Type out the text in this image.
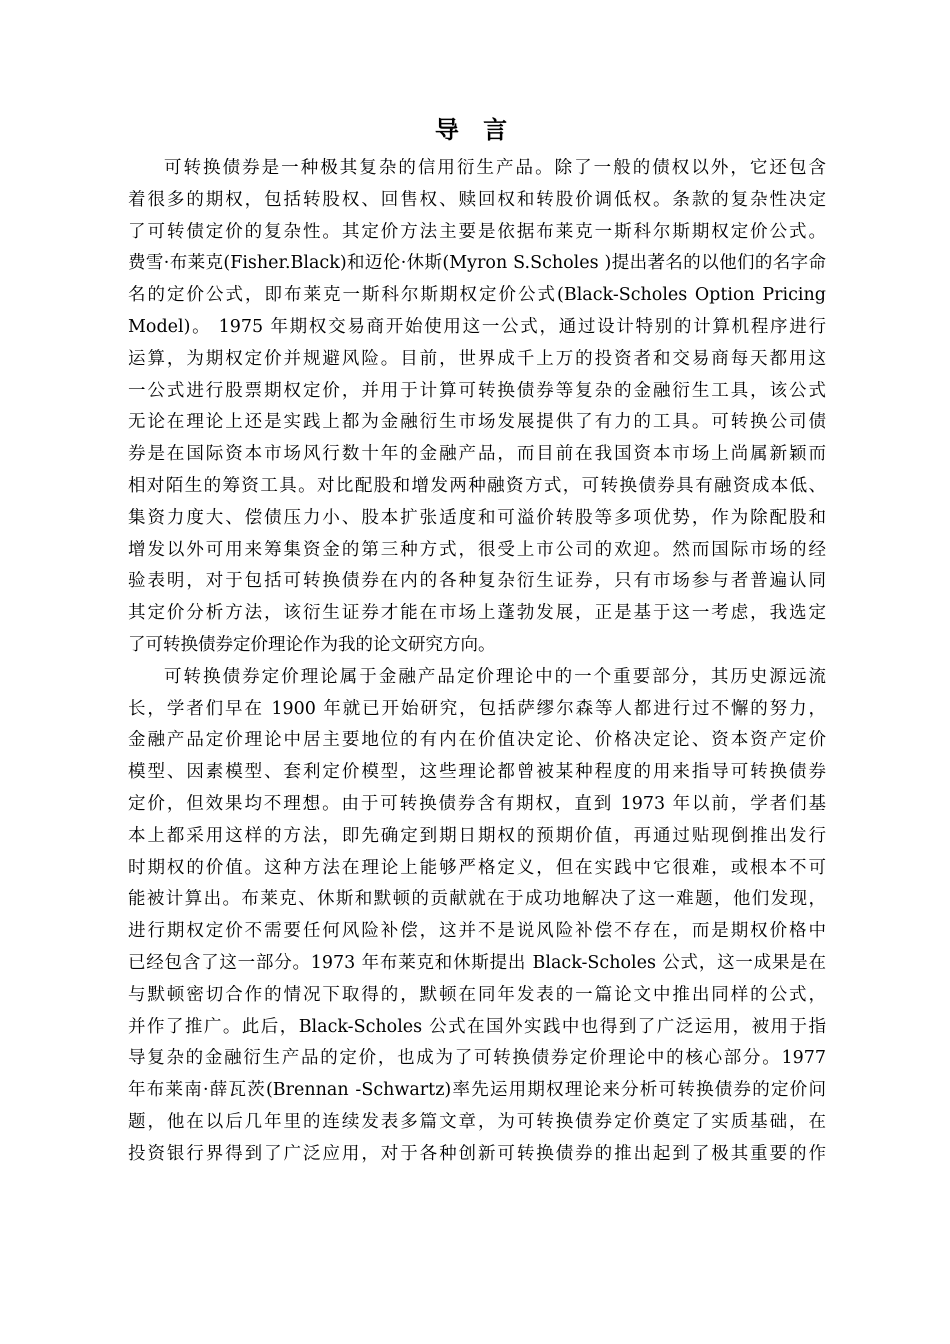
导 言
可转换债券是一种极其复杂的信用衍生产品。除了一般的债权以外，它还包含
着很多的期权，包括转股权、回售权、赎回权和转股价调低权。条款的复杂性决定
了可转债定价的复杂性。其定价方法主要是依据布莱克一斯科尔斯期权定价公式。
费雪·布莱克(Fisher.Black)和迈伦·休斯(Myron S.Scholes )提出著名的以他们的名字命
名的定价公式，即布莱克一斯科尔斯期权定价公式(Black-Scholes Option Pricing
Model)。 1975 年期权交易商开始使用这一公式，通过设计特别的计算机程序进行
运算，为期权定价并规避风险。目前，世界成千上万的投资者和交易商每天都用这
一公式进行股票期权定价，并用于计算可转换债券等复杂的金融衍生工具，该公式
无论在理论上还是实践上都为金融衍生市场发展提供了有力的工具。可转换公司债
券是在国际资本市场风行数十年的金融产品，而目前在我国资本市场上尚属新颖而
相对陌生的筹资工具。对比配股和增发两种融资方式，可转换债券具有融资成本低、
集资力度大、偿债压力小、股本扩张适度和可溢价转股等多项优势，作为除配股和
增发以外可用来筹集资金的第三种方式，很受上市公司的欢迎。然而国际市场的经
验表明，对于包括可转换债券在内的各种复杂衍生证券，只有市场参与者普遍认同
其定价分析方法，该衍生证券才能在市场上蓬勃发展，正是基于这一考虑，我选定
了可转换债券定价理论作为我的论文研究方向。
可转换债券定价理论属于金融产品定价理论中的一个重要部分，其历史源远流
长，学者们早在 1900 年就已开始研究，包括萨缪尔森等人都进行过不懈的努力，
金融产品定价理论中居主要地位的有内在价值决定论、价格决定论、资本资产定价
模型、因素模型、套利定价模型，这些理论都曾被某种程度的用来指导可转换债券
定价，但效果均不理想。由于可转换债券含有期权，直到 1973 年以前，学者们基
本上都采用这样的方法，即先确定到期日期权的预期价值，再通过贴现倒推出发行
时期权的价值。这种方法在理论上能够严格定义，但在实践中它很难，或根本不可
能被计算出。布莱克、休斯和默顿的贡献就在于成功地解决了这一难题，他们发现，
进行期权定价不需要任何风险补偿，这并不是说风险补偿不存在，而是期权价格中
已经包含了这一部分。1973 年布莱克和休斯提出 Black-Scholes 公式，这一成果是在
与默顿密切合作的情况下取得的，默顿在同年发表的一篇论文中推出同样的公式，
并作了推广。此后，Black-Scholes 公式在国外实践中也得到了广泛运用，被用于指
导复杂的金融衍生产品的定价，也成为了可转换债券定价理论中的核心部分。1977
年布莱南·薛瓦茨(Brennan -Schwartz)率先运用期权理论来分析可转换债券的定价问
题，他在以后几年里的连续发表多篇文章，为可转换债券定价奠定了实质基础，在
投资银行界得到了广泛应用，对于各种创新可转换债券的推出起到了极其重要的作
